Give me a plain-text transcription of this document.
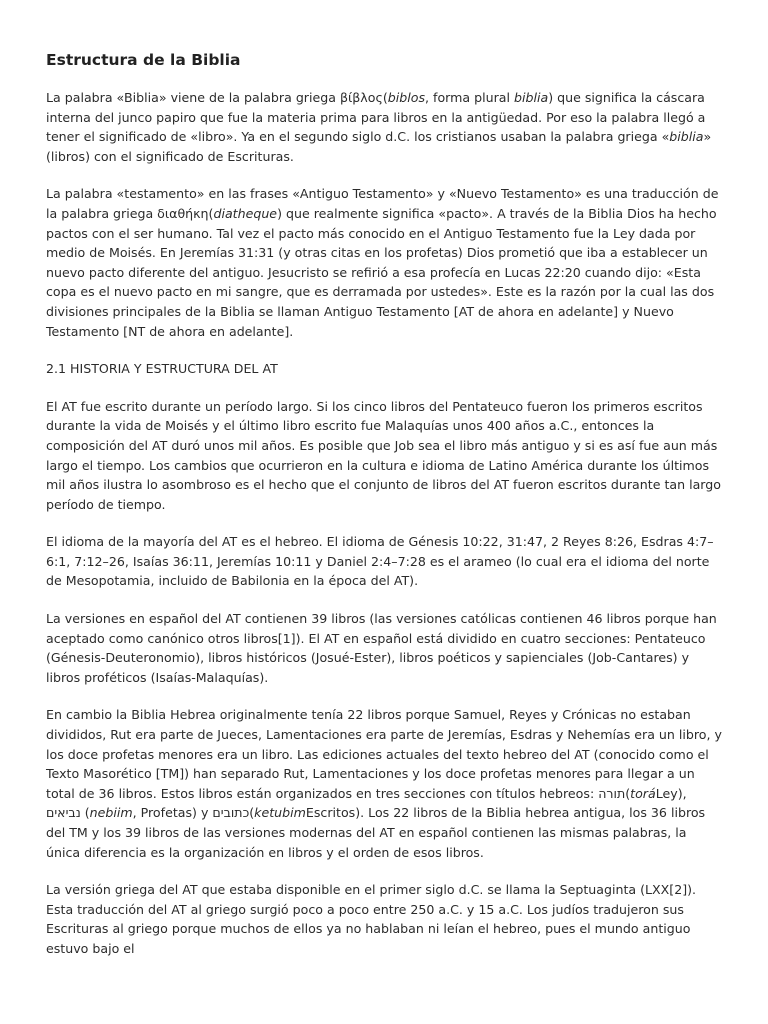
Estructura de la Biblia

La palabra «Biblia» viene de la palabra griega βίβλος(biblos, forma plural biblia) que significa la cáscara interna del junco papiro que fue la materia prima para libros en la antigüedad. Por eso la palabra llegó a tener el significado de «libro». Ya en el segundo siglo d.C. los cristianos usaban la palabra griega «biblia» (libros) con el significado de Escrituras.

La palabra «testamento» en las frases «Antiguo Testamento» y «Nuevo Testamento» es una traducción de la palabra griega διαθήκη(diatheque) que realmente significa «pacto». A través de la Biblia Dios ha hecho pactos con el ser humano. Tal vez el pacto más conocido en el Antiguo Testamento fue la Ley dada por medio de Moisés. En Jeremías 31:31 (y otras citas en los profetas) Dios prometió que iba a establecer un nuevo pacto diferente del antiguo. Jesucristo se refirió a esa profecía en Lucas 22:20 cuando dijo: «Esta copa es el nuevo pacto en mi sangre, que es derramada por ustedes». Este es la razón por la cual las dos divisiones principales de la Biblia se llaman Antiguo Testamento [AT de ahora en adelante] y Nuevo Testamento [NT de ahora en adelante].

2.1 HISTORIA Y ESTRUCTURA DEL AT

El AT fue escrito durante un período largo. Si los cinco libros del Pentateuco fueron los primeros escritos durante la vida de Moisés y el último libro escrito fue Malaquías unos 400 años a.C., entonces la composición del AT duró unos mil años. Es posible que Job sea el libro más antiguo y si es así fue aun más largo el tiempo. Los cambios que ocurrieron en la cultura e idioma de Latino América durante los últimos mil años ilustra lo asombroso es el hecho que el conjunto de libros del AT fueron escritos durante tan largo período de tiempo.

El idioma de la mayoría del AT es el hebreo. El idioma de Génesis 10:22, 31:47, 2 Reyes 8:26, Esdras 4:7–6:1, 7:12–26, Isaías 36:11, Jeremías 10:11 y Daniel 2:4–7:28 es el arameo (lo cual era el idioma del norte de Mesopotamia, incluido de Babilonia en la época del AT).

La versiones en español del AT contienen 39 libros (las versiones católicas contienen 46 libros porque han aceptado como canónico otros libros[1]). El AT en español está dividido en cuatro secciones: Pentateuco (Génesis-Deuteronomio), libros históricos (Josué-Ester), libros poéticos y sapienciales (Job-Cantares) y libros proféticos (Isaías-Malaquías).

En cambio la Biblia Hebrea originalmente tenía 22 libros porque Samuel, Reyes y Crónicas no estaban divididos, Rut era parte de Jueces, Lamentaciones era parte de Jeremías, Esdras y Nehemías era un libro, y los doce profetas menores era un libro. Las ediciones actuales del texto hebreo del AT (conocido como el Texto Masorético [TM]) han separado Rut, Lamentaciones y los doce profetas menores para llegar a un total de 36 libros. Estos libros están organizados en tres secciones con títulos hebreos: תורה(toráLey), נביאים (nebiim, Profetas) y כתובים(ketubimEscritos). Los 22 libros de la Biblia hebrea antigua, los 36 libros del TM y los 39 libros de las versiones modernas del AT en español contienen las mismas palabras, la única diferencia es la organización en libros y el orden de esos libros.

La versión griega del AT que estaba disponible en el primer siglo d.C. se llama la Septuaginta (LXX[2]). Esta traducción del AT al griego surgió poco a poco entre 250 a.C. y 15 a.C. Los judíos tradujeron sus Escrituras al griego porque muchos de ellos ya no hablaban ni leían el hebreo, pues el mundo antiguo estuvo bajo el
